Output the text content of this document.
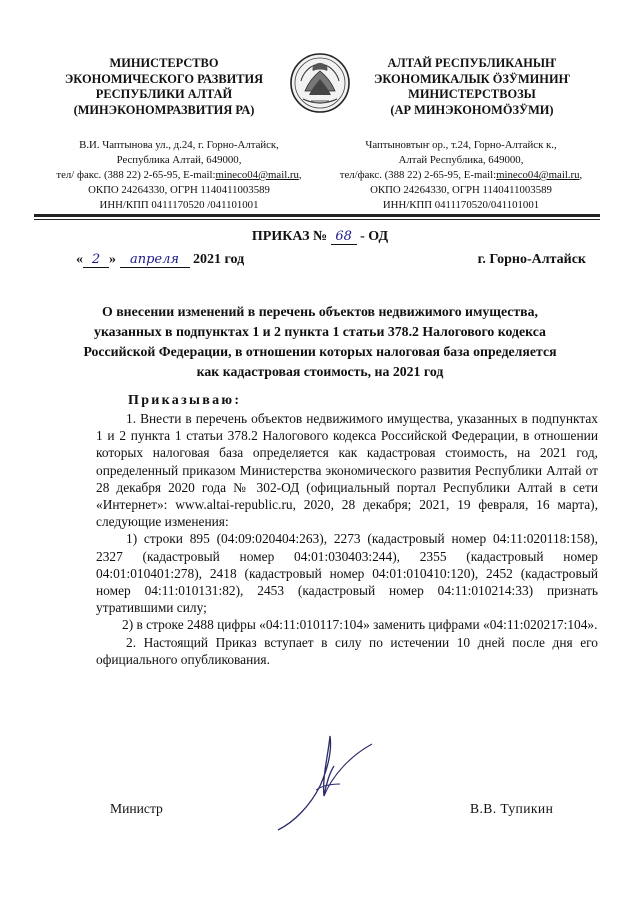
МИНИСТЕРСТВО
ЭКОНОМИЧЕСКОГО РАЗВИТИЯ
РЕСПУБЛИКИ АЛТАЙ
(МИНЭКОНОМРАЗВИТИЯ РА)
АЛТАЙ РЕСПУБЛИКАНЫҤ
ЭКОНОМИКАЛЫК ӦЗӰМИНИҤ
МИНИСТЕРСТВОЗЫ
(АР МИНЭКОНОМӦЗӰМИ)
В.И. Чаптынова ул., д.24, г. Горно-Алтайск,
Республика Алтай, 649000,
тел/ факс. (388 22) 2-65-95, E-mail:mineco04@mail.ru,
ОКПО 24264330, ОГРН 1140411003589
ИНН/КПП 0411170520 /041101001
Чаптыновтыҥ ор., т.24, Горно-Алтайск к.,
Алтай Республика, 649000,
тел/факс. (388 22) 2-65-95, E-mail:mineco04@mail.ru,
ОКПО 24264330, ОГРН 1140411003589
ИНН/КПП 0411170520/041101001
ПРИКАЗ № 68 - ОД
« 2 » апреля 2021 год	г. Горно-Алтайск
О внесении изменений в перечень объектов недвижимого имущества, указанных в подпунктах 1 и 2 пункта 1 статьи 378.2 Налогового кодекса Российской Федерации, в отношении которых налоговая база определяется как кадастровая стоимость, на 2021 год
Приказываю:

1. Внести в перечень объектов недвижимого имущества, указанных в подпунктах 1 и 2 пункта 1 статьи 378.2 Налогового кодекса Российской Федерации, в отношении которых налоговая база определяется как кадастровая стоимость, на 2021 год, определенный приказом Министерства экономического развития Республики Алтай от 28 декабря 2020 года № 302-ОД (официальный портал Республики Алтай в сети «Интернет»: www.altai-republic.ru, 2020, 28 декабря; 2021, 19 февраля, 16 марта), следующие изменения:

1) строки 895 (04:09:020404:263), 2273 (кадастровый номер 04:11:020118:158), 2327 (кадастровый номер 04:01:030403:244), 2355 (кадастровый номер 04:01:010401:278), 2418 (кадастровый номер 04:01:010410:120), 2452 (кадастровый номер 04:11:010131:82), 2453 (кадастровый номер 04:11:010214:33) признать утратившими силу;

2) в строке 2488 цифры «04:11:010117:104» заменить цифрами «04:11:020217:104».

2. Настоящий Приказ вступает в силу по истечении 10 дней после дня его официального опубликования.

Министр	В.В. Тупикин
